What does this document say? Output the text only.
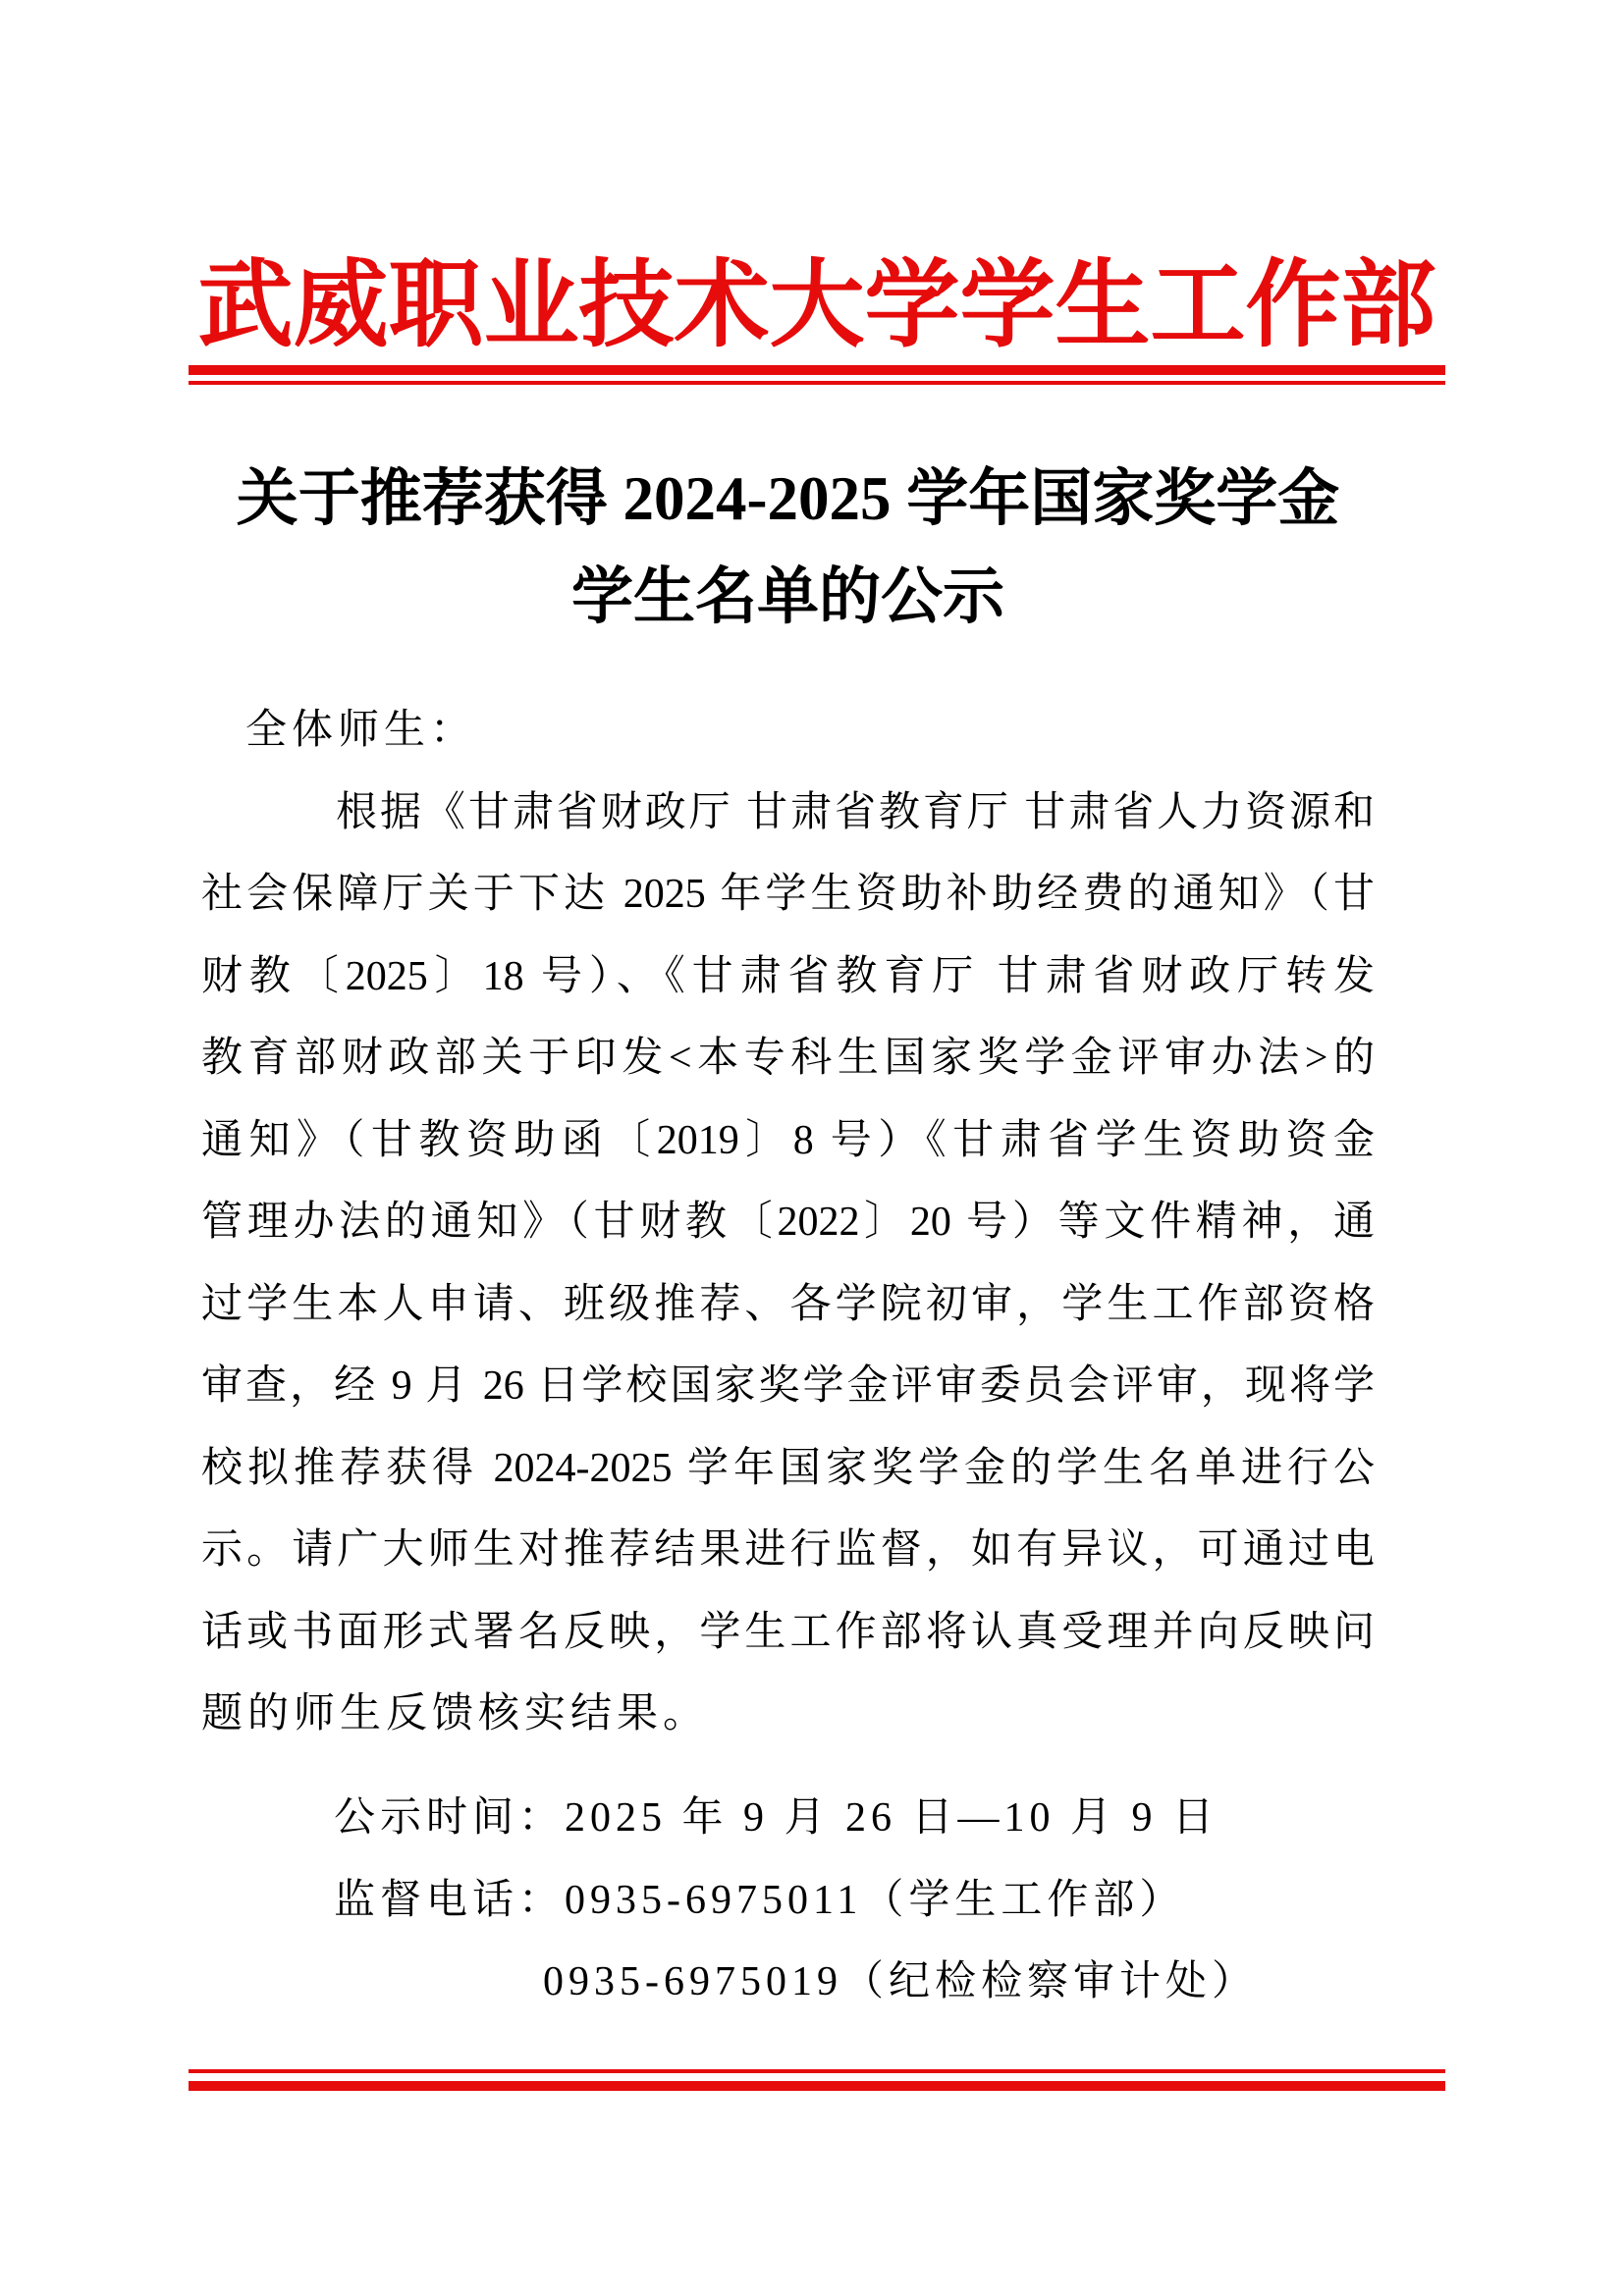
武威职业技术大学学生工作部
关于推荐获得 2024-2025 学年国家奖学金
学生名单的公示
全体师生：
根据《甘肃省财政厅 甘肃省教育厅 甘肃省人力资源和
社会保障厅关于下达 2025 年学生资助补助经费的通知》（甘
财教〔2025〕18 号）、《甘肃省教育厅 甘肃省财政厅转发
教育部财政部关于印发<本专科生国家奖学金评审办法>的
通知》（甘教资助函〔2019〕8 号）《甘肃省学生资助资金
管理办法的通知》（甘财教〔2022〕20 号）等文件精神，通
过学生本人申请、班级推荐、各学院初审，学生工作部资格
审查，经 9 月 26 日学校国家奖学金评审委员会评审，现将学
校拟推荐获得 2024-2025 学年国家奖学金的学生名单进行公
示。请广大师生对推荐结果进行监督，如有异议，可通过电
话或书面形式署名反映，学生工作部将认真受理并向反映问
题的师生反馈核实结果。
公示时间：2025 年 9 月 26 日—10 月 9 日
监督电话：0935-6975011（学生工作部）
0935-6975019（纪检检察审计处）
